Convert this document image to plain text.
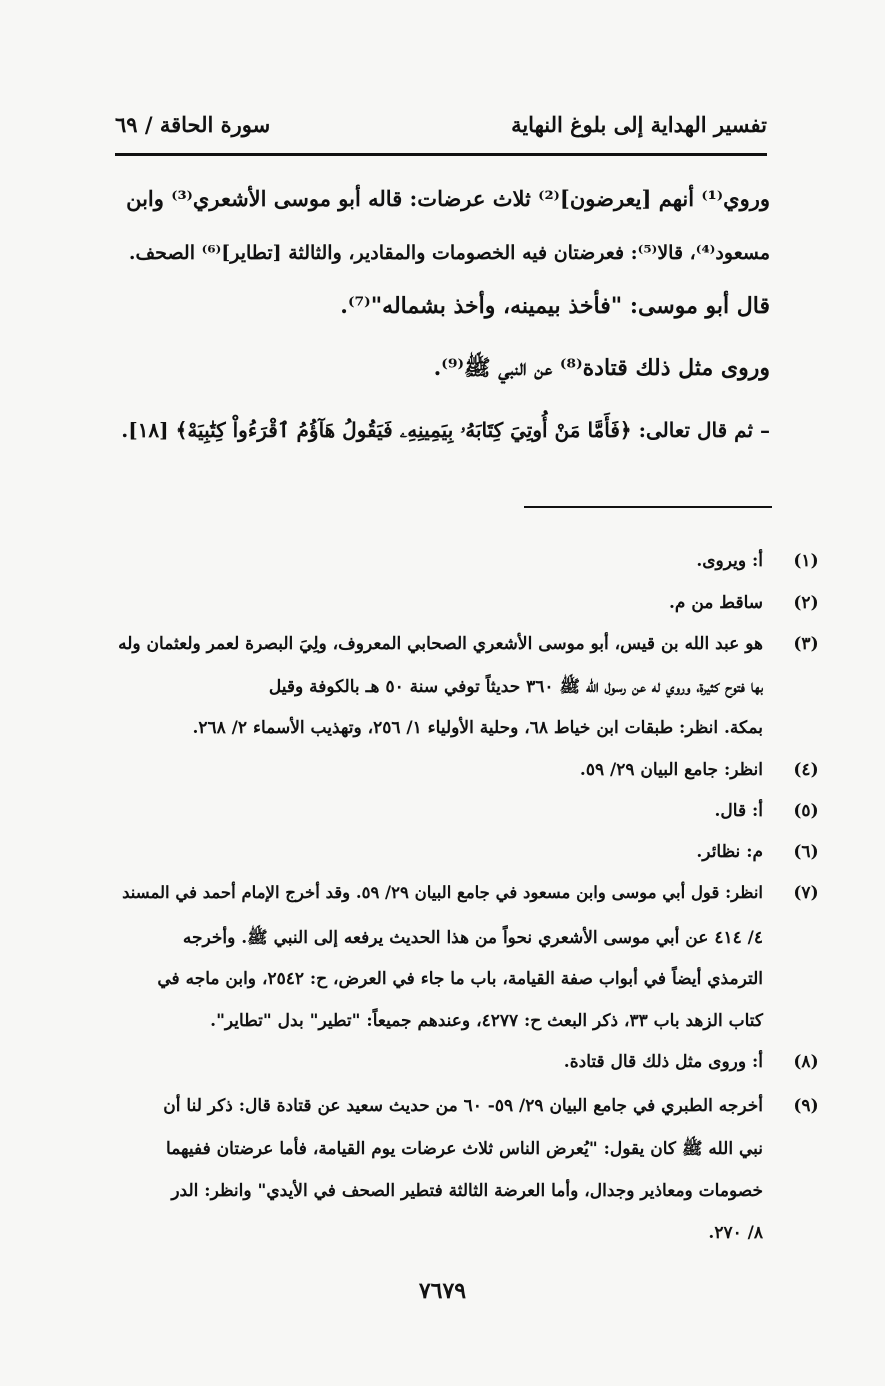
تفسير الهداية إلى بلوغ النهاية
سورة الحاقة / ٦٩
وروي⁽¹⁾ أنهم [يعرضون]⁽²⁾ ثلاث عرضات: قاله أبو موسى الأشعري⁽³⁾ وابن
مسعود⁽⁴⁾، قالا⁽⁵⁾: فعرضتان فيه الخصومات والمقادير، والثالثة [تطاير]⁽⁶⁾ الصحف.
قال أبو موسى: "فأخذ بيمينه، وأخذ بشماله"⁽⁷⁾.
وروى مثل ذلك قتادة⁽⁸⁾ عن النبي ﷺ⁽⁹⁾.
– ثم قال تعالى: ﴿فَأَمَّا مَنْ أُوتِيَ كِتَابَهُۥ بِيَمِينِهِۦ فَيَقُولُ هَآؤُمُ ٱقْرَءُواْ كِتَٰبِيَهْ﴾ [١٨].
(١)
أ: ويروى.
(٢)
ساقط من م.
(٣)
هو عبد الله بن قيس، أبو موسى الأشعري الصحابي المعروف، ولِيَ البصرة لعمر ولعثمان وله
بها فتوح كثيرة، وروي له عن رسول الله ﷺ ٣٦٠ حديثاً توفي سنة ٥٠ هـ بالكوفة وقيل
بمكة. انظر: طبقات ابن خياط ٦٨، وحلية الأولياء ١/ ٢٥٦، وتهذيب الأسماء ٢/ ٢٦٨.
(٤)
انظر: جامع البيان ٢٩/ ٥٩.
(٥)
أ: قال.
(٦)
م: نظائر.
(٧)
انظر: قول أبي موسى وابن مسعود في جامع البيان ٢٩/ ٥٩. وقد أخرج الإمام أحمد في المسند
٤/ ٤١٤ عن أبي موسى الأشعري نحواً من هذا الحديث يرفعه إلى النبي ﷺ. وأخرجه
الترمذي أيضاً في أبواب صفة القيامة، باب ما جاء في العرض، ح: ٢٥٤٢، وابن ماجه في
كتاب الزهد باب ٣٣، ذكر البعث ح: ٤٢٧٧، وعندهم جميعاً: "تطير" بدل "تطاير".
(٨)
أ: وروى مثل ذلك قال قتادة.
(٩)
أخرجه الطبري في جامع البيان ٢٩/ ٥٩- ٦٠ من حديث سعيد عن قتادة قال: ذكر لنا أن
نبي الله ﷺ كان يقول: "يُعرض الناس ثلاث عرضات يوم القيامة، فأما عرضتان ففيهما
خصومات ومعاذير وجدال، وأما العرضة الثالثة فتطير الصحف في الأيدي" وانظر: الدر
٨/ ٢٧٠.
٧٦٧٩
